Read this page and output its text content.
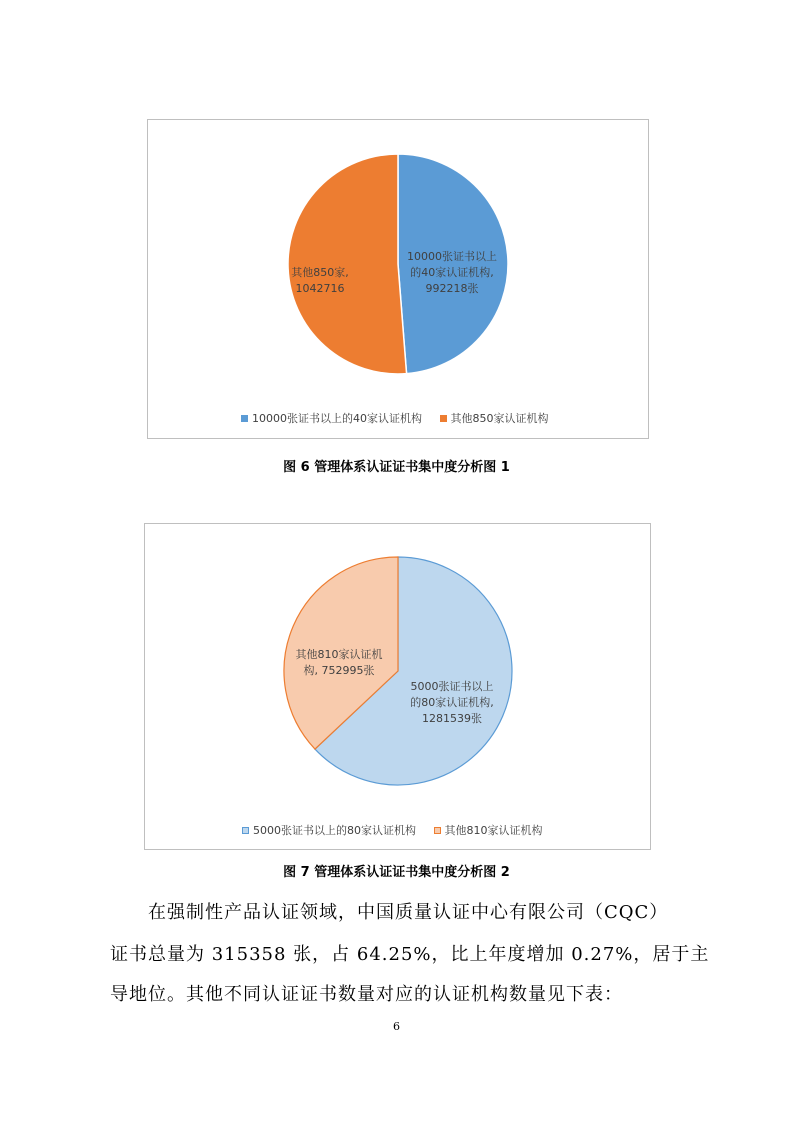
10000张证书以上的40家认证机构, 992218张
其他850家, 1042716
10000张证书以上的40家认证机构
	其他850家认证机构
图 6 管理体系认证证书集中度分析图 1
5000张证书以上的80家认证机构, 1281539张
其他810家认证机构, 752995张
5000张证书以上的80家认证机构
	其他810家认证机构
图 7 管理体系认证证书集中度分析图 2
在强制性产品认证领域，中国质量认证中心有限公司（CQC）
证书总量为 315358 张，占 64.25%，比上年度增加 0.27%，居于主
导地位。其他不同认证证书数量对应的认证机构数量见下表：
6
